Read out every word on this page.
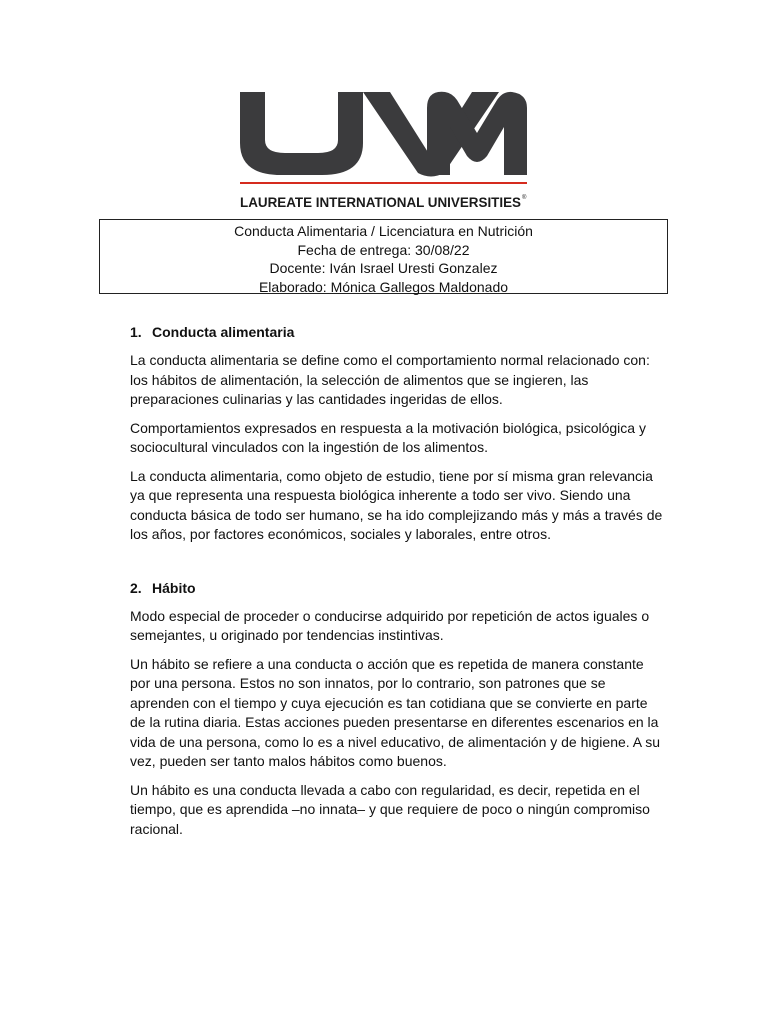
LAUREATE INTERNATIONAL UNIVERSITIES ®
Conducta Alimentaria / Licenciatura en Nutrición
Fecha de entrega: 30/08/22
Docente: Iván Israel Uresti Gonzalez
Elaborado: Mónica Gallegos Maldonado
1. Conducta alimentaria

La conducta alimentaria se define como el comportamiento normal relacionado con: los hábitos de alimentación, la selección de alimentos que se ingieren, las preparaciones culinarias y las cantidades ingeridas de ellos.

Comportamientos expresados en respuesta a la motivación biológica, psicológica y sociocultural vinculados con la ingestión de los alimentos.

La conducta alimentaria, como objeto de estudio, tiene por sí misma gran relevancia ya que representa una respuesta biológica inherente a todo ser vivo. Siendo una conducta básica de todo ser humano, se ha ido complejizando más y más a través de los años, por factores económicos, sociales y laborales, entre otros.

2. Hábito

Modo especial de proceder o conducirse adquirido por repetición de actos iguales o semejantes, u originado por tendencias instintivas.

Un hábito se refiere a una conducta o acción que es repetida de manera constante por una persona. Estos no son innatos, por lo contrario, son patrones que se aprenden con el tiempo y cuya ejecución es tan cotidiana que se convierte en parte de la rutina diaria. Estas acciones pueden presentarse en diferentes escenarios en la vida de una persona, como lo es a nivel educativo, de alimentación y de higiene. A su vez, pueden ser tanto malos hábitos como buenos.

Un hábito es una conducta llevada a cabo con regularidad, es decir, repetida en el tiempo, que es aprendida –no innata– y que requiere de poco o ningún compromiso racional.
